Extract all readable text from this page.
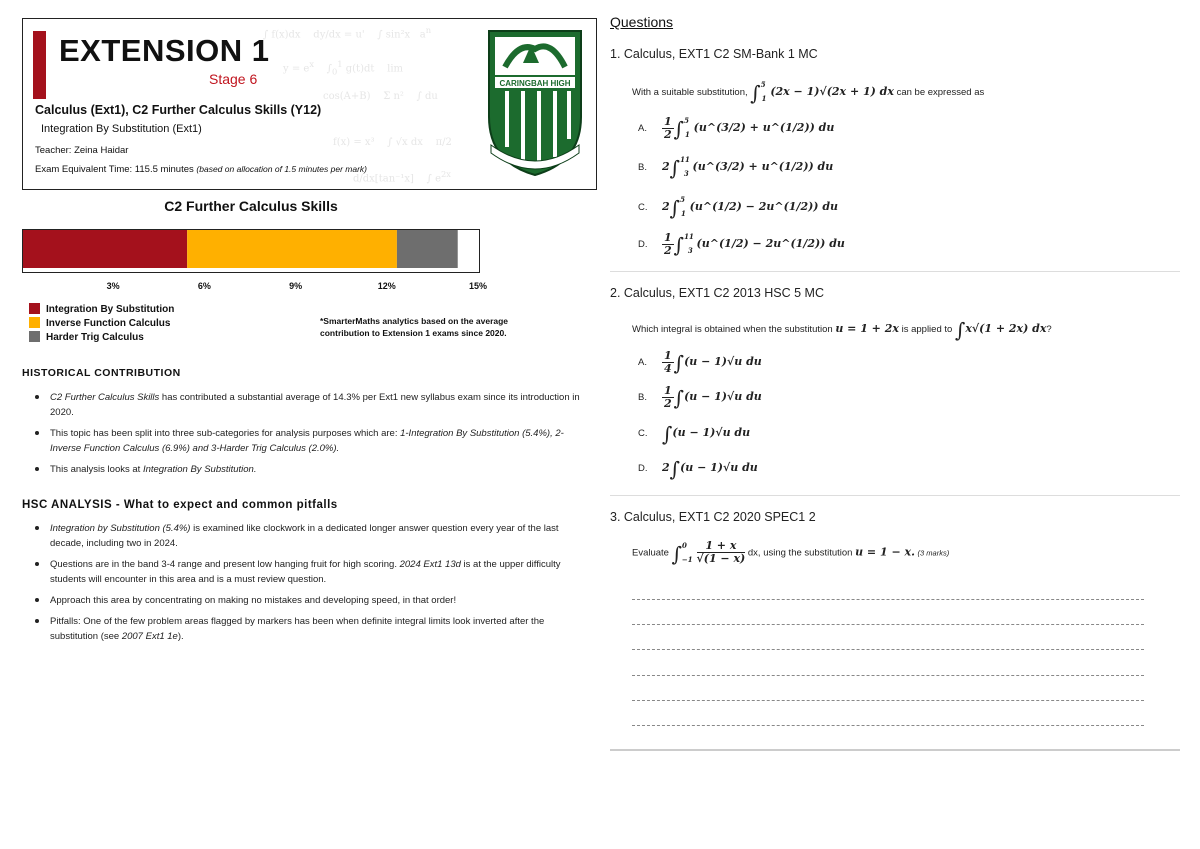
∫ f(x)dx    dy/dx = u'    ∫ sin²x   $a^n$
$y = e^x$    $\int_0^1$ g(t)dt    lim
cos(A+B)    Σ n²    ∫ du
f(x) = x³    ∫ √x dx    π/2
d/dx[tan⁻¹x]    ∫ $e^{2x}$
EXTENSION 1
Stage 6
Calculus (Ext1), C2 Further Calculus Skills (Y12)
Integration By Substitution (Ext1)
Teacher: Zeina Haidar
Exam Equivalent Time: 115.5 minutes (based on allocation of 1.5 minutes per mark)
CARINGBAH HIGH
C2 Further Calculus Skills
3%	6%	9%	12%	15%
Integration By Substitution
Inverse Function Calculus
Harder Trig Calculus
*SmarterMaths analytics based on the average contribution to Extension 1 exams since 2020.
HISTORICAL CONTRIBUTION
C2 Further Calculus Skills has contributed a substantial average of 14.3% per Ext1 new syllabus exam since its introduction in 2020.
This topic has been split into three sub-categories for analysis purposes which are: 1-Integration By Substitution (5.4%), 2-Inverse Function Calculus (6.9%) and 3-Harder Trig Calculus (2.0%).
This analysis looks at Integration By Substitution.
HSC ANALYSIS - What to expect and common pitfalls
Integration by Substitution (5.4%) is examined like clockwork in a dedicated longer answer question every year of the last decade, including two in 2024.
Questions are in the band 3-4 range and present low hanging fruit for high scoring. 2024 Ext1 13d is at the upper difficulty students will encounter in this area and is a must review question.
Approach this area by concentrating on making no mistakes and developing speed, in that order!
Pitfalls: One of the few problem areas flagged by markers has been when definite integral limits look inverted after the substitution (see 2007 Ext1 1e).
Questions
1. Calculus, EXT1 C2 SM-Bank 1 MC
With a suitable substitution, ∫$^5_1$ (2x − 1)√(2x + 1) dx can be expressed as
A. $\frac{1}{2} \int^5_1$ (u^(3/2) + u^(1/2)) du
B. 2∫$^{11}_3$ (u^(3/2) + u^(1/2)) du
C. 2∫$^5_1$ (u^(1/2) − 2u^(1/2)) du
D. $\frac{1}{2} \int^{11}_3$ (u^(1/2) − 2u^(1/2)) du
2. Calculus, EXT1 C2 2013 HSC 5 MC
Which integral is obtained when the substitution u = 1 + 2x is applied to ∫x√(1 + 2x) dx?
A. $\frac{1}{4} \int(u - 1)√u$ du
B. $\frac{1}{2} \int(u - 1)√u$ du
C. ∫(u − 1)√u du
D. 2∫(u − 1)√u du
3. Calculus, EXT1 C2 2020 SPEC1 2
Evaluate $\int^0_{-1} \frac{1 + x}{√(1 - x)}$ dx, using the substitution u = 1 − x. (3 marks)
